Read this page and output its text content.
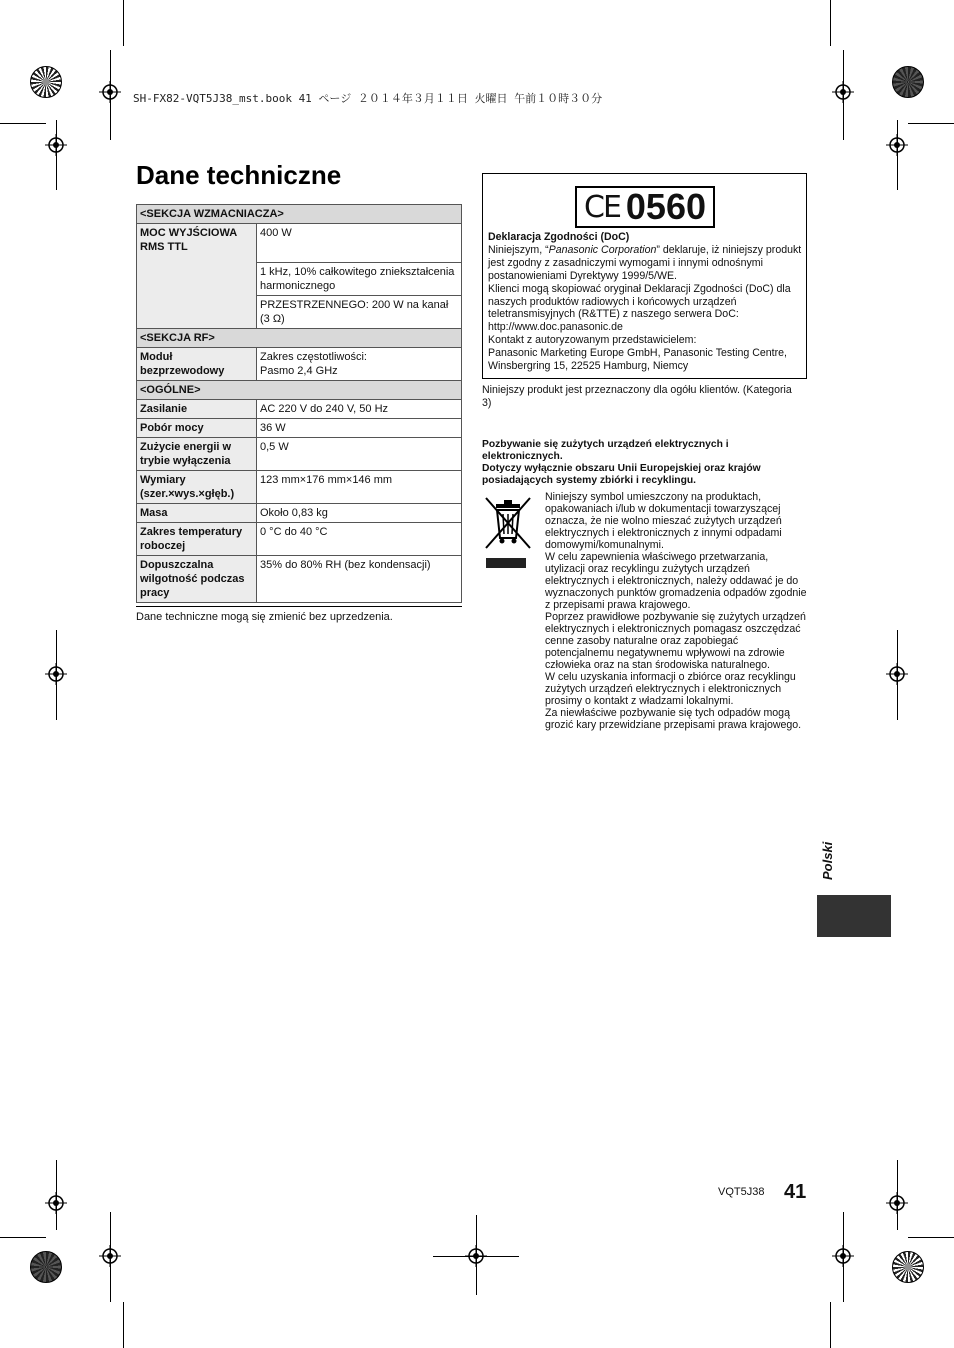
SH-FX82-VQT5J38_mst.book 41 ページ ２０１４年３月１１日 火曜日 午前１０時３０分
Dane techniczne
<SEKCJA WZMACNIACZA>	
MOC WYJŚCIOWA RMS TTL	400 W
	1 kHz, 10% całkowitego zniekształcenia harmonicznego
	PRZESTRZENNEGO: 200 W na kanał (3 Ω)
<SEKCJA RF>	
Moduł bezprzewodowy	Zakres częstotliwości:
Pasmo 2,4 GHz
<OGÓLNE>	
Zasilanie	AC 220 V do 240 V, 50 Hz
Pobór mocy	36 W
Zużycie energii w trybie wyłączenia	0,5 W
Wymiary (szer.×wys.×głęb.)	123 mm×176 mm×146 mm
Masa	Około 0,83 kg
Zakres temperatury roboczej	0 °C do 40 °C
Dopuszczalna wilgotność podczas pracy	35% do 80% RH (bez kondensacji)
Dane techniczne mogą się zmienić bez uprzedzenia.
CE 0560
Deklaracja Zgodności (DoC)
Niniejszym, “Panasonic Corporation” deklaruje, iż niniejszy produkt jest zgodny z zasadniczymi wymogami i innymi odnośnymi postanowieniami Dyrektywy 1999/5/WE.
Klienci mogą skopiować oryginał Deklaracji Zgodności (DoC) dla naszych produktów radiowych i końcowych urządzeń teletransmisyjnych (R&TTE) z naszego serwera DoC:
http://www.doc.panasonic.de
Kontakt z autoryzowanym przedstawicielem:
Panasonic Marketing Europe GmbH, Panasonic Testing Centre, Winsbergring 15, 22525 Hamburg, Niemcy
Niniejszy produkt jest przeznaczony dla ogółu klientów. (Kategoria 3)
Pozbywanie się zużytych urządzeń elektrycznych i elektronicznych.
Dotyczy wyłącznie obszaru Unii Europejskiej oraz krajów posiadających systemy zbiórki i recyklingu.
Niniejszy symbol umieszczony na produktach, opakowaniach i/lub w dokumentacji towarzyszącej oznacza, że nie wolno mieszać zużytych urządzeń elektrycznych i elektronicznych z innymi odpadami domowymi/komunalnymi.
W celu zapewnienia właściwego przetwarzania, utylizacji oraz recyklingu zużytych urządzeń elektrycznych i elektronicznych, należy oddawać je do wyznaczonych punktów gromadzenia odpadów zgodnie z przepisami prawa krajowego.
Poprzez prawidłowe pozbywanie się zużytych urządzeń elektrycznych i elektronicznych pomagasz oszczędzać cenne zasoby naturalne oraz zapobiegać potencjalnemu negatywnemu wpływowi na zdrowie człowieka oraz na stan środowiska naturalnego.
W celu uzyskania informacji o zbiórce oraz recyklingu zużytych urządzeń elektrycznych i elektronicznych prosimy o kontakt z władzami lokalnymi.
Za niewłaściwe pozbywanie się tych odpadów mogą grozić kary przewidziane przepisami prawa krajowego.
Polski
VQT5J38 41
